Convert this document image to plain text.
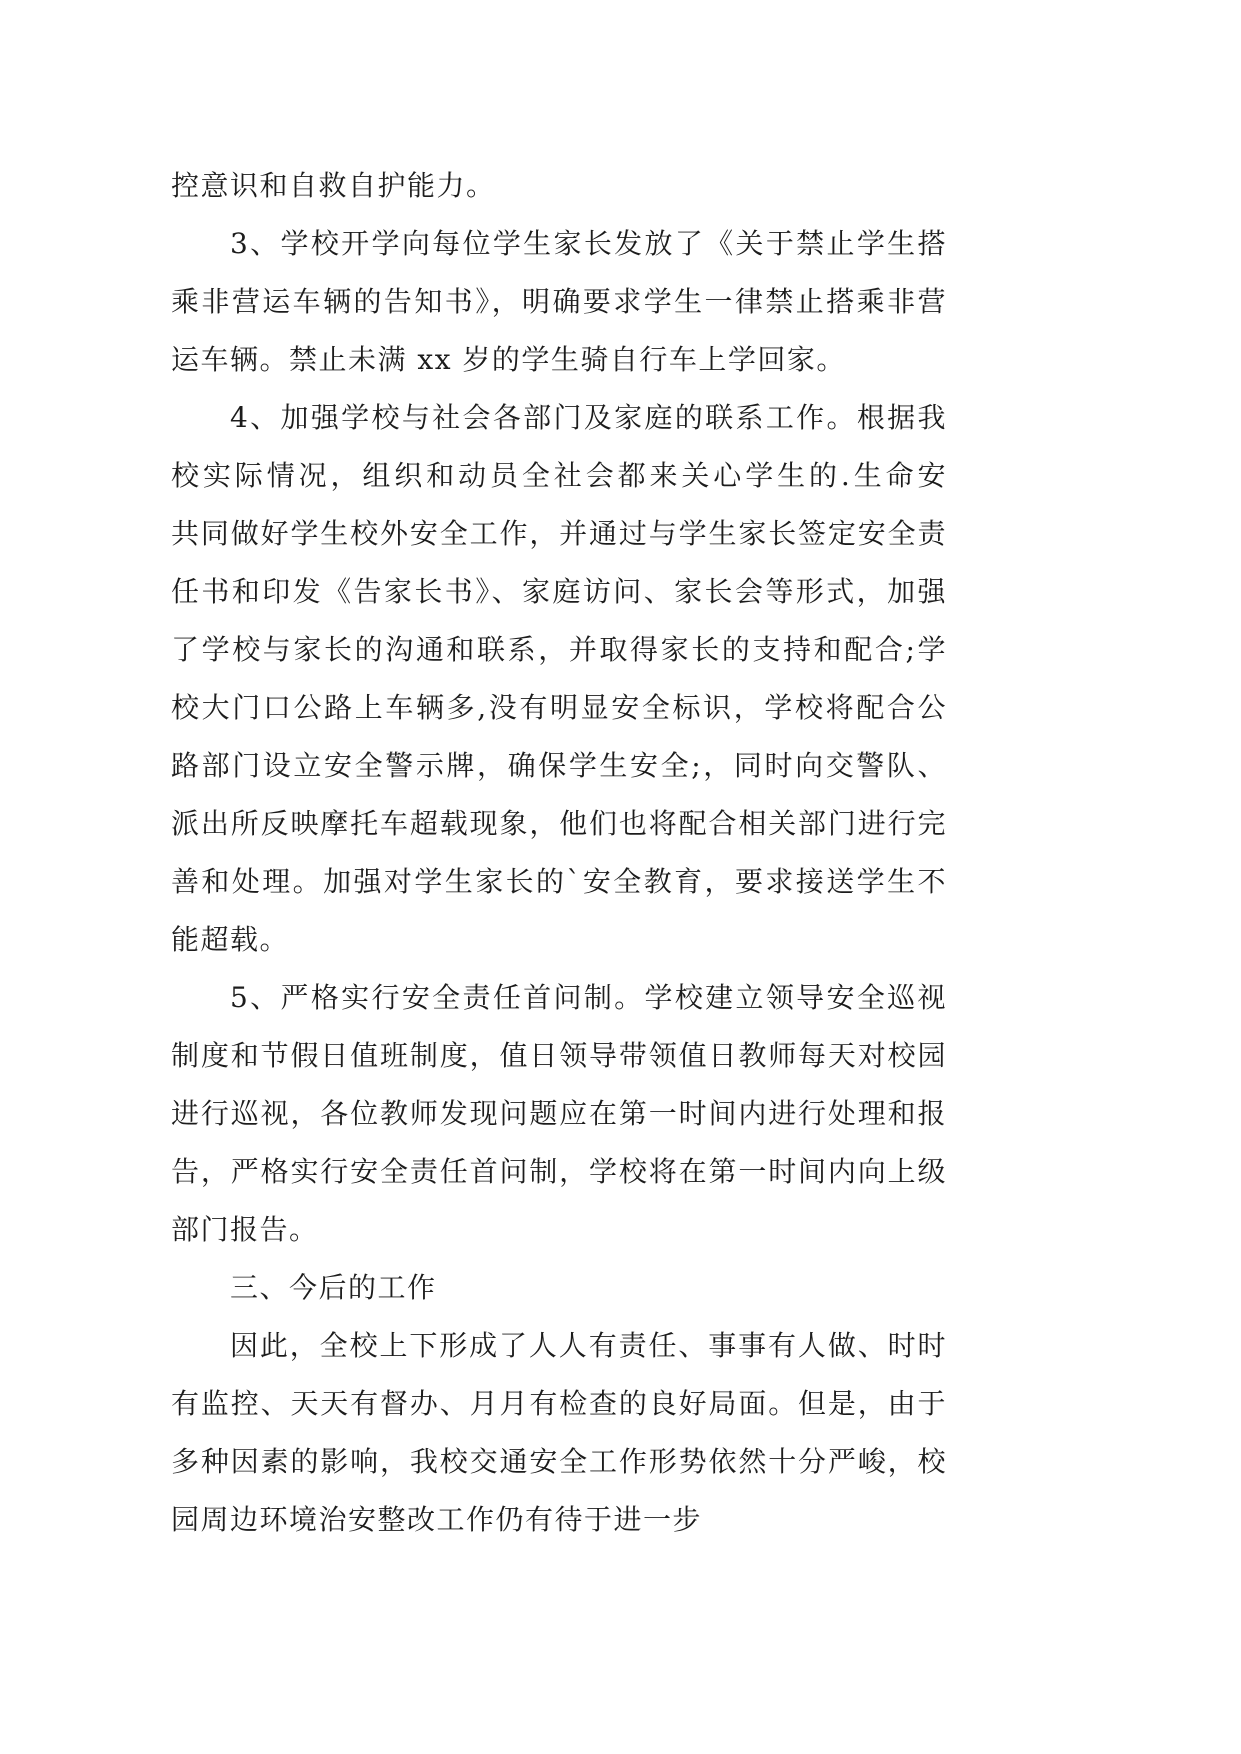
控意识和自救自护能力。
3、学校开学向每位学生家长发放了《关于禁止学生搭
乘非营运车辆的告知书》，明确要求学生一律禁止搭乘非营
运车辆。禁止未满 xx 岁的学生骑自行车上学回家。
4、加强学校与社会各部门及家庭的联系工作。根据我
校实际情况，组织和动员全社会都来关心学生的.生命安
共同做好学生校外安全工作，并通过与学生家长签定安全责
任书和印发《告家长书》、家庭访问、家长会等形式，加强
了学校与家长的沟通和联系，并取得家长的支持和配合;学
校大门口公路上车辆多,没有明显安全标识，学校将配合公
路部门设立安全警示牌，确保学生安全;，同时向交警队、
派出所反映摩托车超载现象，他们也将配合相关部门进行完
善和处理。加强对学生家长的`安全教育，要求接送学生不
能超载。
5、严格实行安全责任首问制。学校建立领导安全巡视
制度和节假日值班制度，值日领导带领值日教师每天对校园
进行巡视，各位教师发现问题应在第一时间内进行处理和报
告，严格实行安全责任首问制，学校将在第一时间内向上级
部门报告。
三、今后的工作
因此，全校上下形成了人人有责任、事事有人做、时时
有监控、天天有督办、月月有检查的良好局面。但是，由于
多种因素的影响，我校交通安全工作形势依然十分严峻，校
园周边环境治安整改工作仍有待于进一步
